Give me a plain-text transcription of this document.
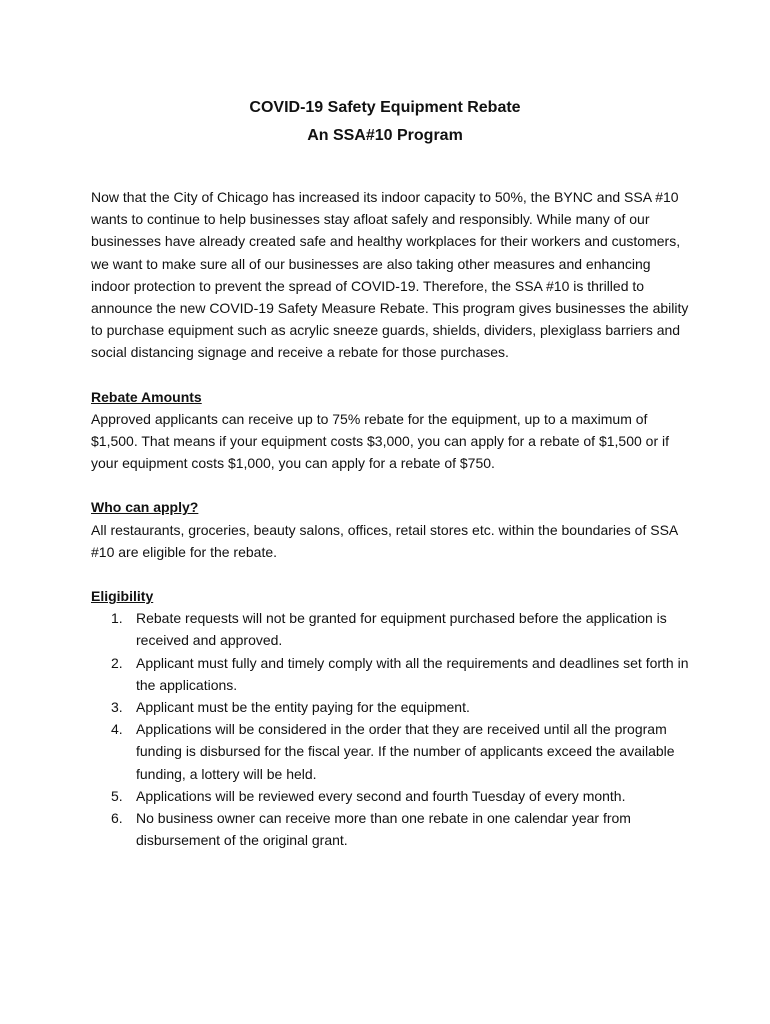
COVID-19 Safety Equipment Rebate
An SSA#10 Program

Now that the City of Chicago has increased its indoor capacity to 50%, the BYNC and SSA #10 wants to continue to help businesses stay afloat safely and responsibly. While many of our businesses have already created safe and healthy workplaces for their workers and customers, we want to make sure all of our businesses are also taking other measures and enhancing indoor protection to prevent the spread of COVID-19. Therefore, the SSA #10 is thrilled to announce the new COVID-19 Safety Measure Rebate. This program gives businesses the ability to purchase equipment such as acrylic sneeze guards, shields, dividers, plexiglass barriers and social distancing signage and receive a rebate for those purchases.

Rebate Amounts
Approved applicants can receive up to 75% rebate for the equipment, up to a maximum of $1,500. That means if your equipment costs $3,000, you can apply for a rebate of $1,500 or if your equipment costs $1,000, you can apply for a rebate of $750.
Who can apply?
All restaurants, groceries, beauty salons, offices, retail stores etc. within the boundaries of SSA #10 are eligible for the rebate.
Eligibility
1. Rebate requests will not be granted for equipment purchased before the application is received and approved.
2. Applicant must fully and timely comply with all the requirements and deadlines set forth in the applications.
3. Applicant must be the entity paying for the equipment.
4. Applications will be considered in the order that they are received until all the program funding is disbursed for the fiscal year. If the number of applicants exceed the available funding, a lottery will be held.
5. Applications will be reviewed every second and fourth Tuesday of every month.
6. No business owner can receive more than one rebate in one calendar year from disbursement of the original grant.
